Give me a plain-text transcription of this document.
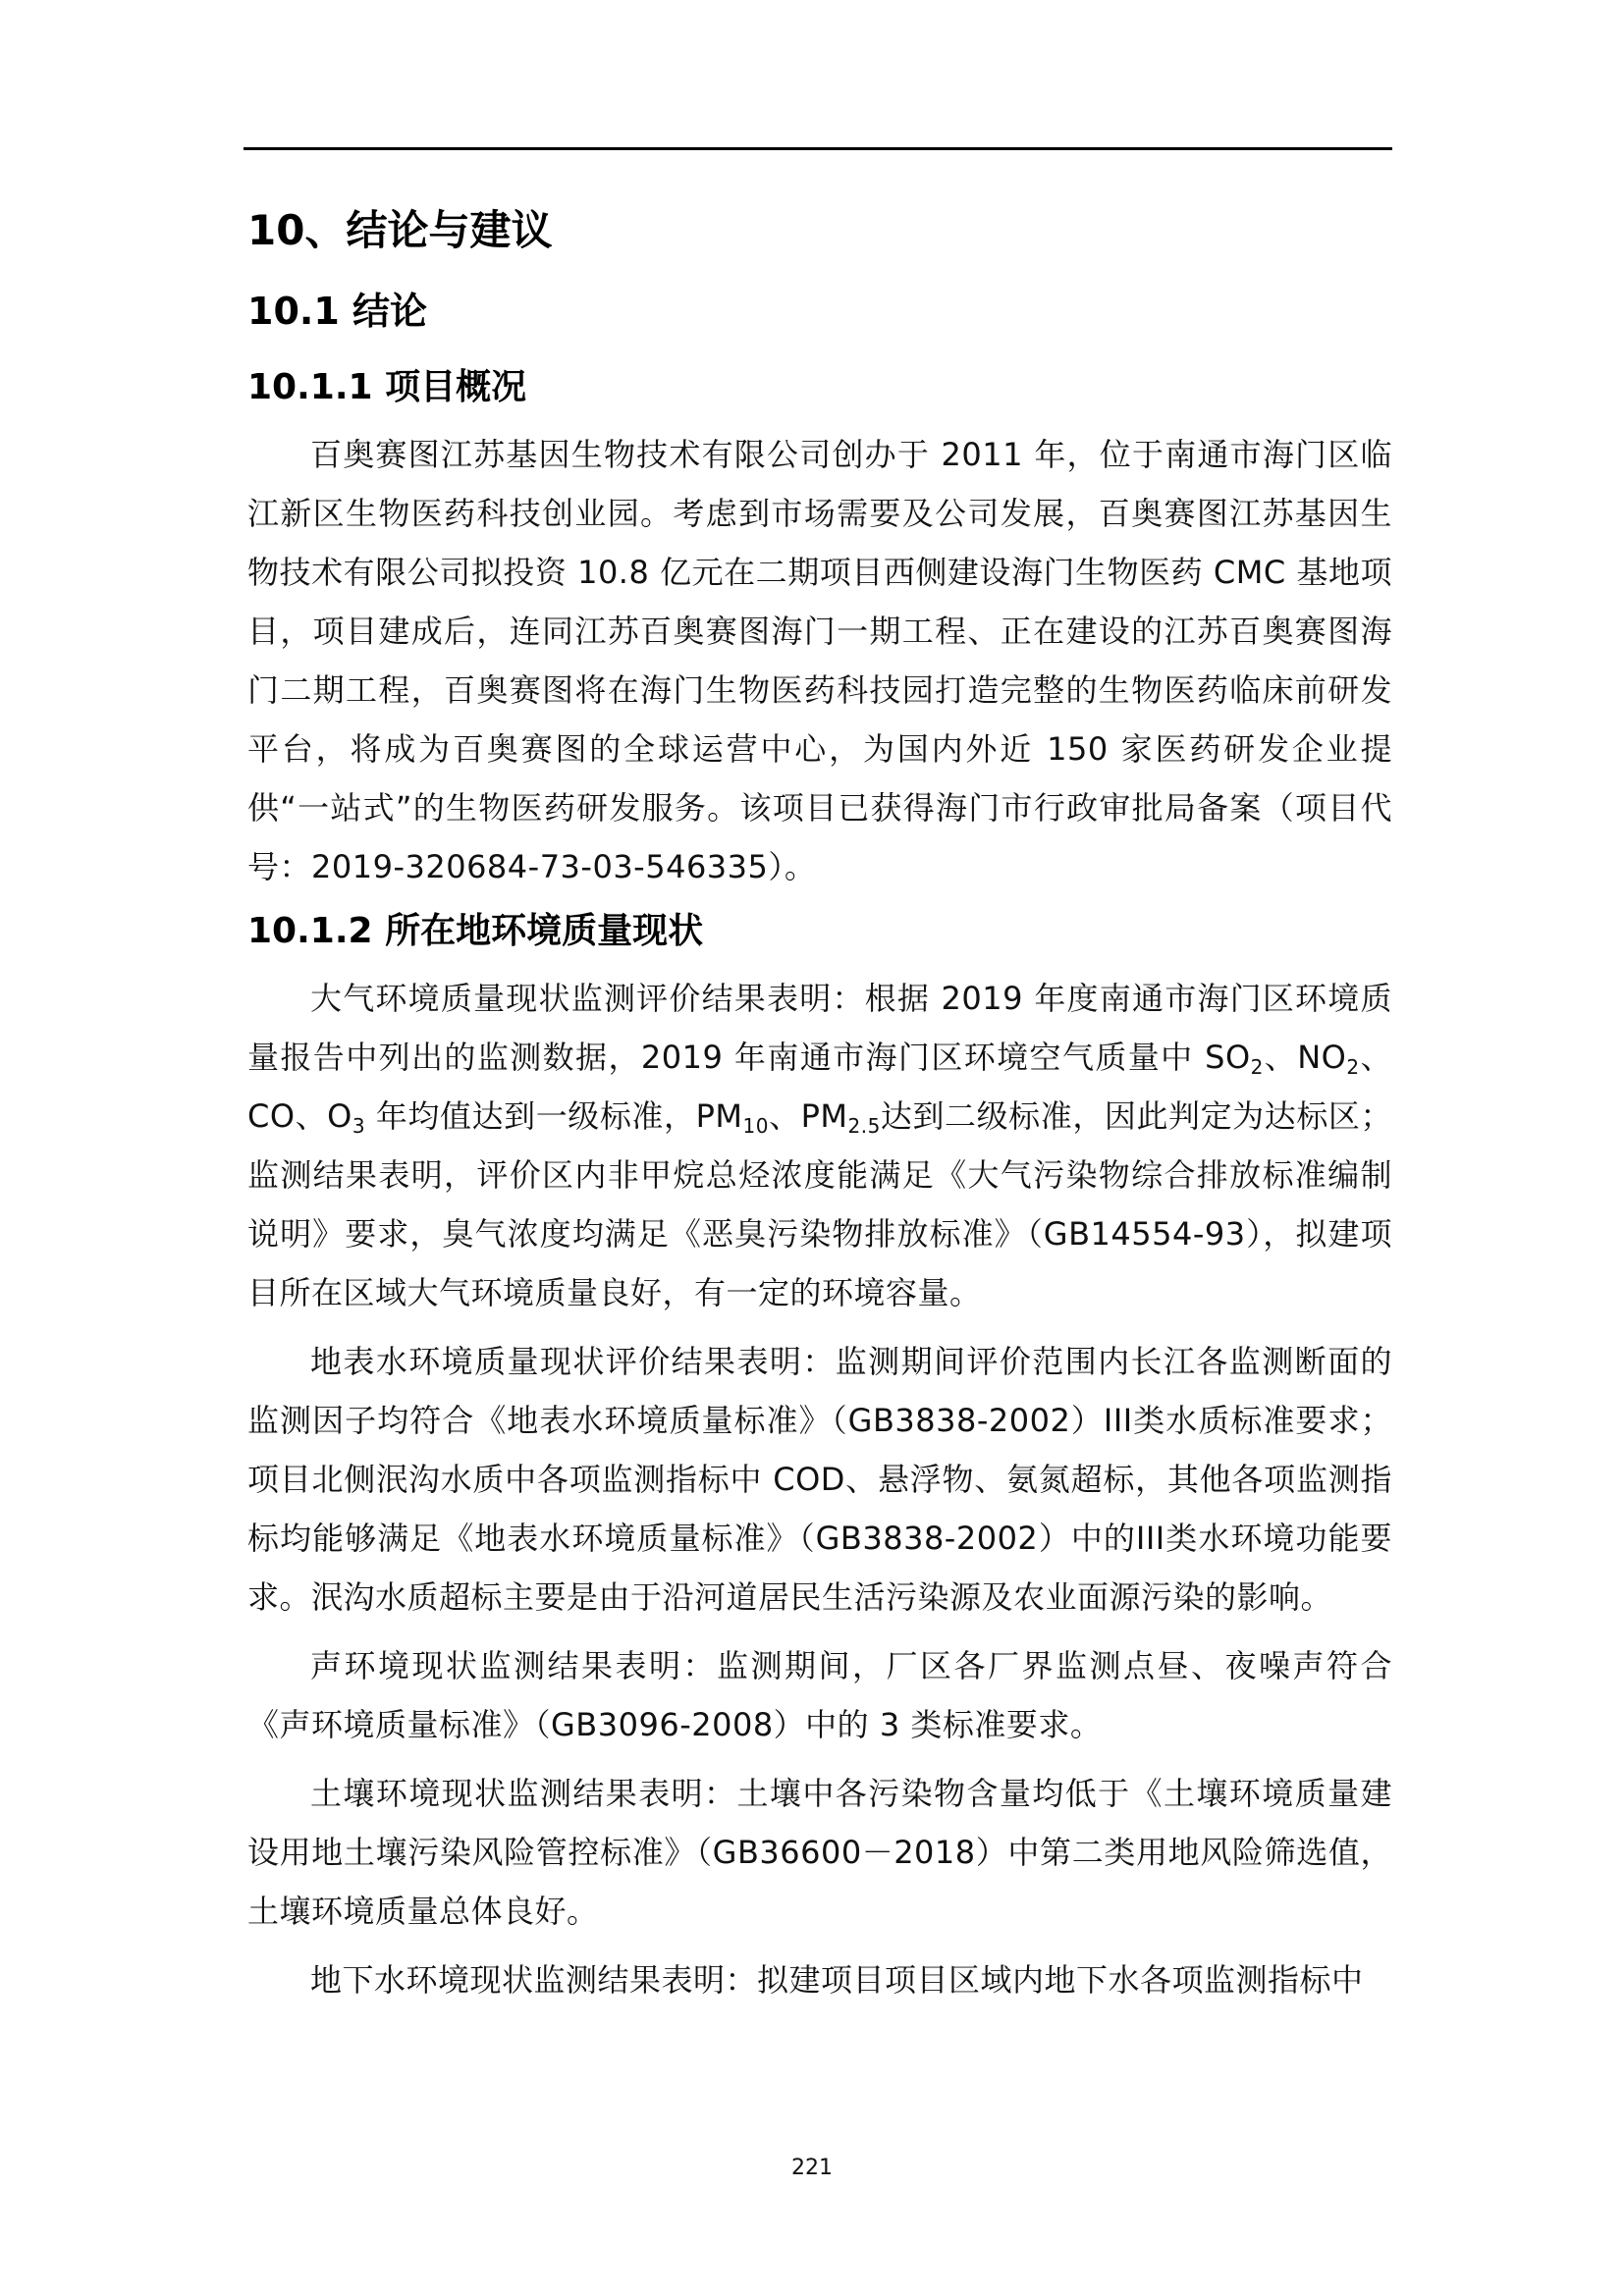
10、结论与建议
10.1 结论
10.1.1 项目概况

百奥赛图江苏基因生物技术有限公司创办于 2011 年，位于南通市海门区临江新区生物医药科技创业园。考虑到市场需要及公司发展，百奥赛图江苏基因生物技术有限公司拟投资 10.8 亿元在二期项目西侧建设海门生物医药 CMC 基地项目，项目建成后，连同江苏百奥赛图海门一期工程、正在建设的江苏百奥赛图海门二期工程，百奥赛图将在海门生物医药科技园打造完整的生物医药临床前研发平台，将成为百奥赛图的全球运营中心，为国内外近 150 家医药研发企业提供“一站式”的生物医药研发服务。该项目已获得海门市行政审批局备案（项目代号：2019-320684-73-03-546335）。

10.1.2 所在地环境质量现状

大气环境质量现状监测评价结果表明：根据 2019 年度南通市海门区环境质量报告中列出的监测数据，2019 年南通市海门区环境空气质量中 $SO_2$、$NO_2$、CO、$O_3$ 年均值达到一级标准，$PM_{10}$、$PM_{2.5}$达到二级标准，因此判定为达标区；监测结果表明，评价区内非甲烷总烃浓度能满足《大气污染物综合排放标准编制说明》要求，臭气浓度均满足《恶臭污染物排放标准》（GB14554-93），拟建项目所在区域大气环境质量良好，有一定的环境容量。

地表水环境质量现状评价结果表明：监测期间评价范围内长江各监测断面的监测因子均符合《地表水环境质量标准》（GB3838-2002）III类水质标准要求；项目北侧泯沟水质中各项监测指标中 COD、悬浮物、氨氮超标，其他各项监测指标均能够满足《地表水环境质量标准》（GB3838-2002）中的III类水环境功能要求。泯沟水质超标主要是由于沿河道居民生活污染源及农业面源污染的影响。

声环境现状监测结果表明：监测期间，厂区各厂界监测点昼、夜噪声符合《声环境质量标准》（GB3096-2008）中的 3 类标准要求。

土壤环境现状监测结果表明：土壤中各污染物含量均低于《土壤环境质量建设用地土壤污染风险管控标准》（GB36600－2018）中第二类用地风险筛选值，土壤环境质量总体良好。

地下水环境现状监测结果表明：拟建项目项目区域内地下水各项监测指标中

221
